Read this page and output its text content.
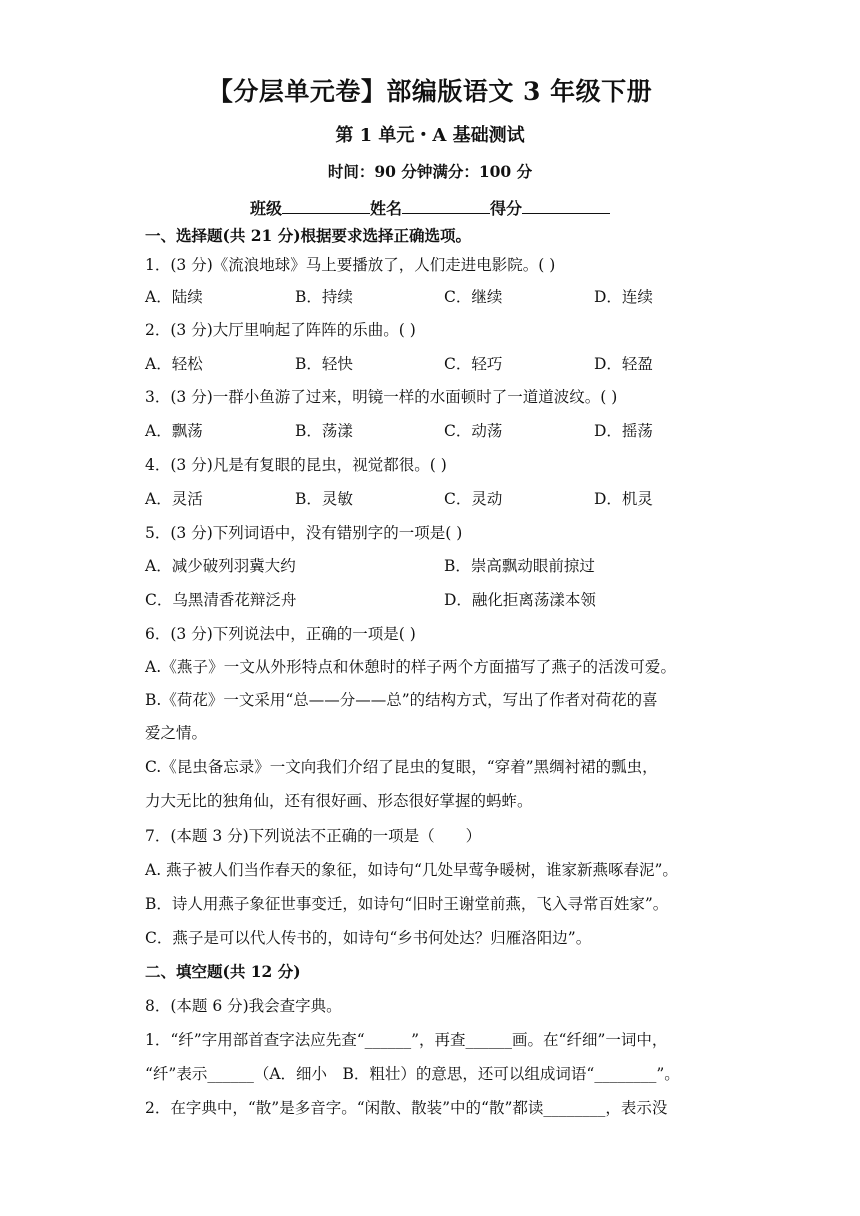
【分层单元卷】部编版语文 3 年级下册
第 1 单元・A 基础测试
时间：90 分钟满分：100 分
班级	姓名	得分
一、选择题(共 21 分)根据要求选择正确选项。
1．(3 分)《流浪地球》马上要播放了，人们走进电影院。( )
A．陆续	B．持续	C．继续	D．连续
2．(3 分)大厅里响起了阵阵的乐曲。( )
A．轻松	B．轻快	C．轻巧	D．轻盈
3．(3 分)一群小鱼游了过来，明镜一样的水面顿时了一道道波纹。( )
A．飘荡	B．荡漾	C．动荡	D．摇荡
4．(3 分)凡是有复眼的昆虫，视觉都很。( )
A．灵活	B．灵敏	C．灵动	D．机灵
5．(3 分)下列词语中，没有错别字的一项是( )
A．减少破列羽冀大约	B．崇高飘动眼前掠过
C．乌黑清香花辩泛舟	D．融化拒离荡漾本领
6．(3 分)下列说法中，正确的一项是( )
A.《燕子》一文从外形特点和休憩时的样子两个方面描写了燕子的活泼可爱。
B.《荷花》一文采用“总——分——总”的结构方式，写出了作者对荷花的喜
爱之情。
C.《昆虫备忘录》一文向我们介绍了昆虫的复眼，“穿着”黑绸衬裙的瓢虫，
力大无比的独角仙，还有很好画、形态很好掌握的蚂蚱。
7．(本题 3 分)下列说法不正确的一项是（　　）
A. 燕子被人们当作春天的象征，如诗句“几处早莺争暖树，谁家新燕啄春泥”。
B．诗人用燕子象征世事变迁，如诗句“旧时王谢堂前燕，飞入寻常百姓家”。
C．燕子是可以代人传书的，如诗句“乡书何处达？归雁洛阳边”。
二、填空题(共 12 分)
8．(本题 6 分)我会查字典。
1．“纤”字用部首查字法应先查“______”，再查______画。在“纤细”一词中，
“纤”表示______（A．细小　B．粗壮）的意思，还可以组成词语“________”。
2．在字典中，“散”是多音字。“闲散、散装”中的“散”都读________，表示没
